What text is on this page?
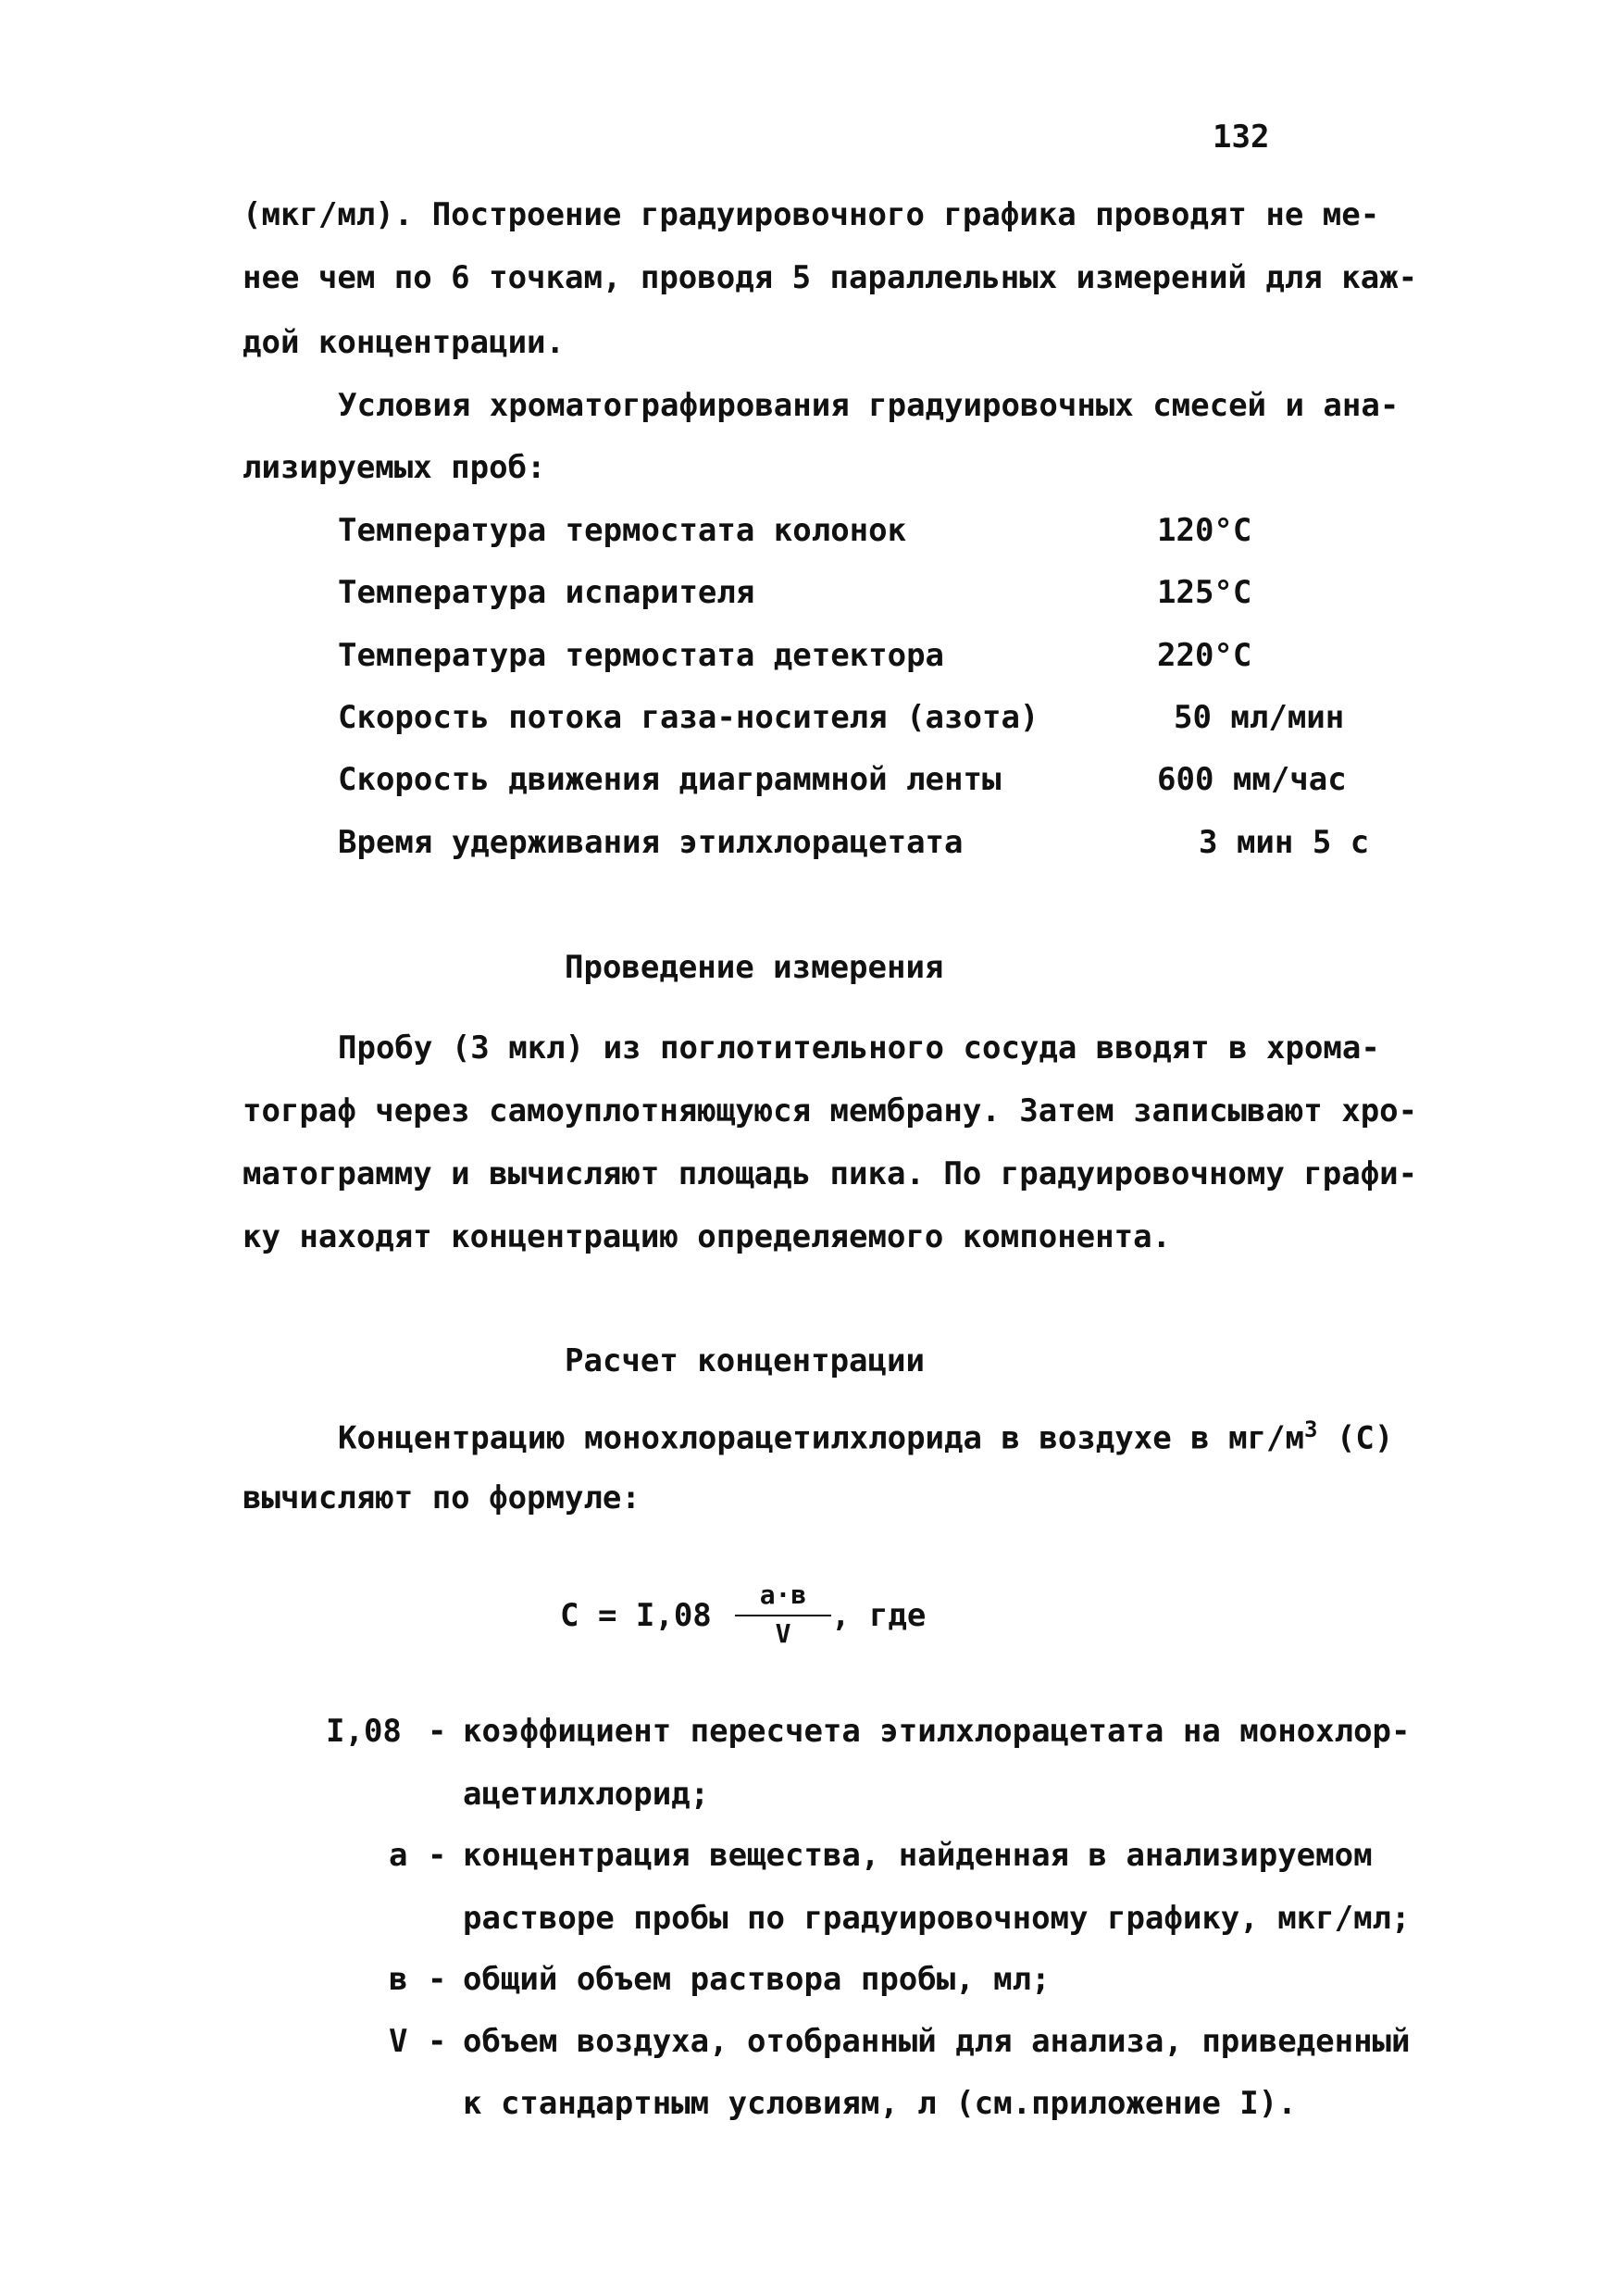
132
(мкг/мл). Построение градуировочного графика проводят не ме-
нее чем по 6 точкам, проводя 5 параллельных измерений для каж-
дой концентрации.
Условия хроматографирования градуировочных смесей и анa-
лизируемых проб:
Температура термостата колонок	120°С
Температура испарителя	125°С
Температура термостата детектора	220°С
Скорость потока газа-носителя (азота)	50 мл/мин
Скорость движения диаграммной ленты	600 мм/час
Время удерживания этилхлорацетата	3 мин 5 с
Проведение измерения
Пробу (3 мкл) из поглотительного сосуда вводят в хрома-
тограф через самоуплотняющуюся мембрану. Затем записывают хро-
матограмму и вычисляют площадь пика. По градуировочному графи-
ку находят концентрацию определяемого компонента.
Расчет концентрации
Концентрацию монохлорацетилхлорида в воздухе в $мг/м^3$ (С)
вычисляют по формуле:
С = I,08
а·в
V	, где
I,08 - коэффициент пересчета этилхлорацетата на монохлор-
ацетилхлорид;
а - концентрация вещества, найденная в анализируемом
растворе пробы по градуировочному графику, мкг/мл;
в - общий объем раствора пробы, мл;
V - объем воздуха, отобранный для анализа, приведенный
к стандартным условиям, л (см.приложение I).
